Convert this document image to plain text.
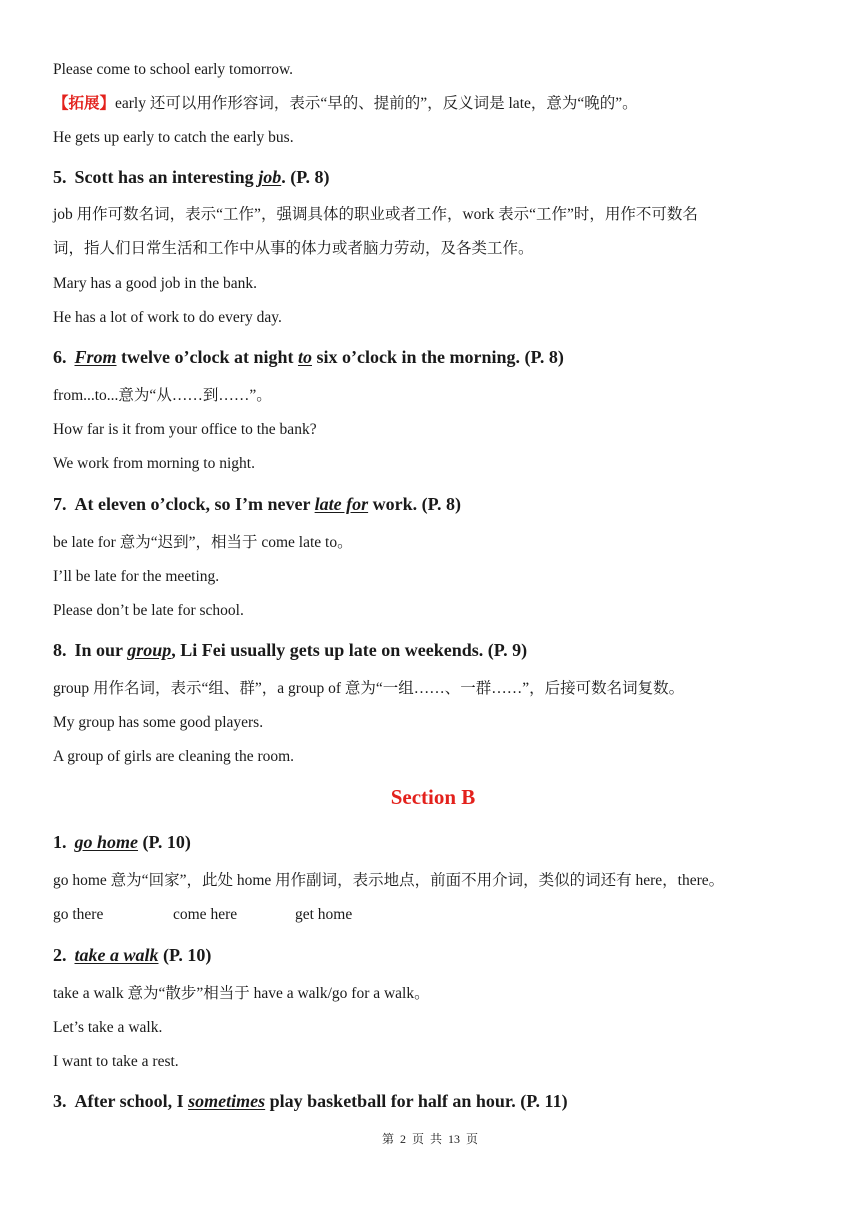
Please come to school early tomorrow.
【拓展】early 还可以用作形容词，表示“早的、提前的”，反义词是 late，意为“晚的”。
He gets up early to catch the early bus.
5. Scott has an interesting job. (P. 8)
job 用作可数名词，表示“工作”，强调具体的职业或者工作，work 表示“工作”时，用作不可数名
词，指人们日常生活和工作中从事的体力或者脑力劳动，及各类工作。
Mary has a good job in the bank.
He has a lot of work to do every day.
6. From twelve o’clock at night to six o’clock in the morning. (P. 8)
from...to...意为“从……到……”。
How far is it from your office to the bank?
We work from morning to night.
7. At eleven o’clock, so I’m never late for work. (P. 8)
be late for 意为“迟到”，相当于 come late to。
I’ll be late for the meeting.
Please don’t be late for school.
8. In our group, Li Fei usually gets up late on weekends. (P. 9)
group 用作名词，表示“组、群”，a group of 意为“一组……、一群……”，后接可数名词复数。
My group has some good players.
A group of girls are cleaning the room.
Section B
1. go home (P. 10)
go home 意为“回家”，此处 home 用作副词，表示地点，前面不用介词，类似的词还有 here，there。
go there	come here	get home
2. take a walk (P. 10)
take a walk 意为“散步”相当于 have a walk/go for a walk。
Let’s take a walk.
I want to take a rest.
3. After school, I sometimes play basketball for half an hour. (P. 11)
第 2 页 共 13 页
